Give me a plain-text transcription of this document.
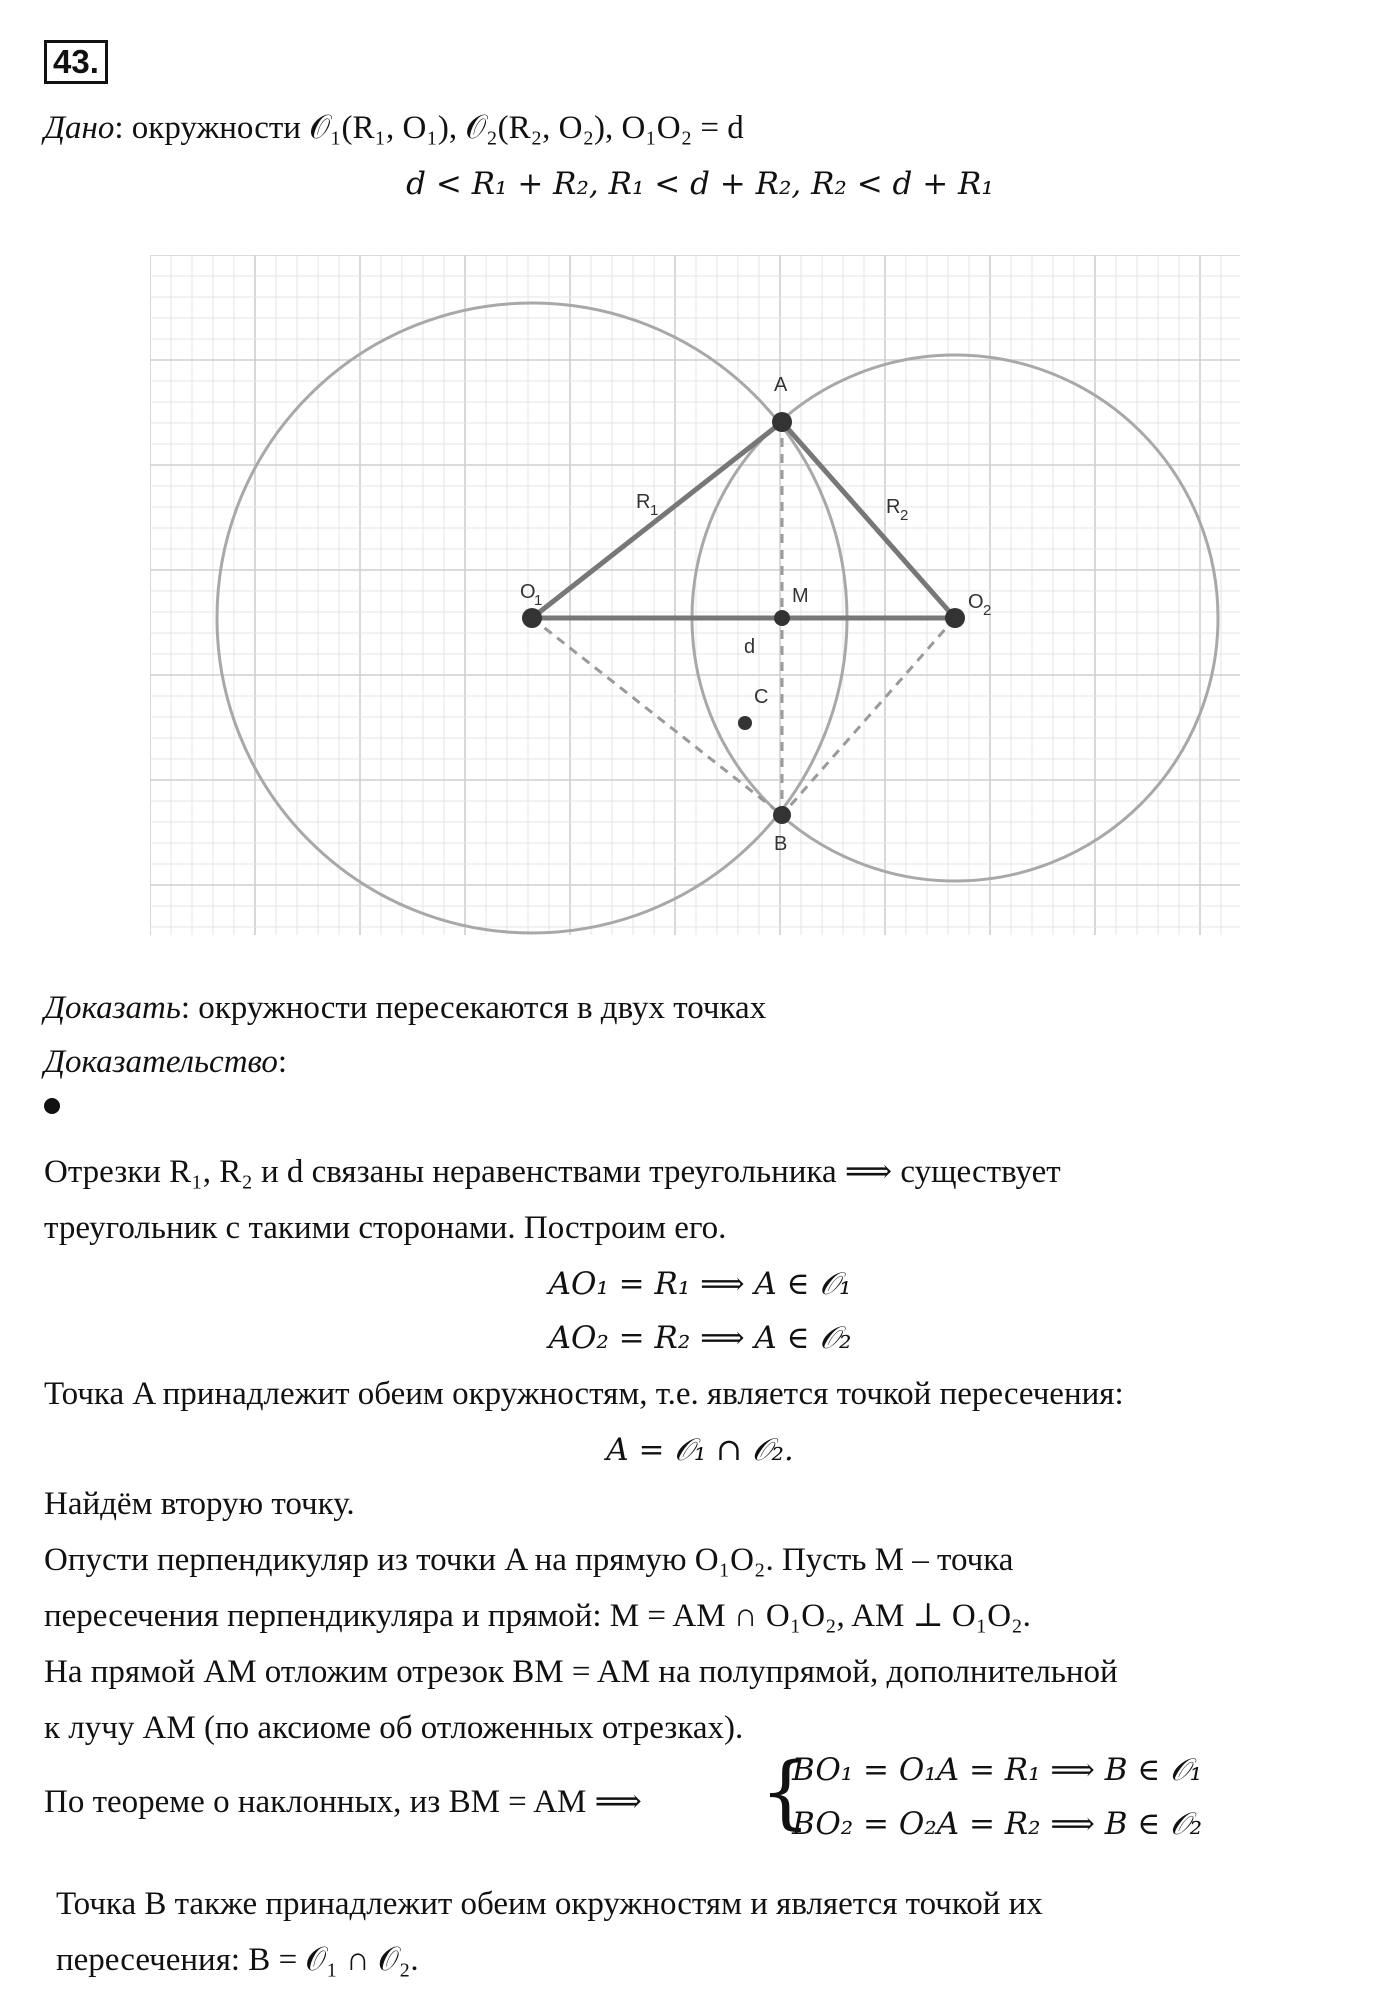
43.
Дано: окружности 𝒪₁(R₁, O₁), 𝒪₂(R₂, O₂), O₁O₂ = d
d < R₁ + R₂, R₁ < d + R₂, R₂ < d + R₁
A
B
C
M
d
O
1	O 2
R 1	R 2
Доказать: окружности пересекаются в двух точках
Доказательство:
Отрезки R₁, R₂ и d связаны неравенствами треугольника ⟹ существует
треугольник с такими сторонами. Построим его.
AO₁ = R₁ ⟹ A ∈ 𝒪₁
AO₂ = R₂ ⟹ A ∈ 𝒪₂
Точка A принадлежит обеим окружностям, т.е. является точкой пересечения:
A = 𝒪₁ ∩ 𝒪₂.
Найдём вторую точку.
Опусти перпендикуляр из точки A на прямую O₁O₂. Пусть M – точка
пересечения перпендикуляра и прямой: M = AM ∩ O₁O₂, AM ⊥ O₁O₂.
На прямой AM отложим отрезок BM = AM на полупрямой, дополнительной
к лучу AM (по аксиоме об отложенных отрезках).
По теореме о наклонных, из BM = AM ⟹ {
BO₁ = O₁A = R₁ ⟹ B ∈ 𝒪₁
BO₂ = O₂A = R₂ ⟹ B ∈ 𝒪₂
Точка B также принадлежит обеим окружностям и является точкой их
пересечения: B = 𝒪₁ ∩ 𝒪₂.
